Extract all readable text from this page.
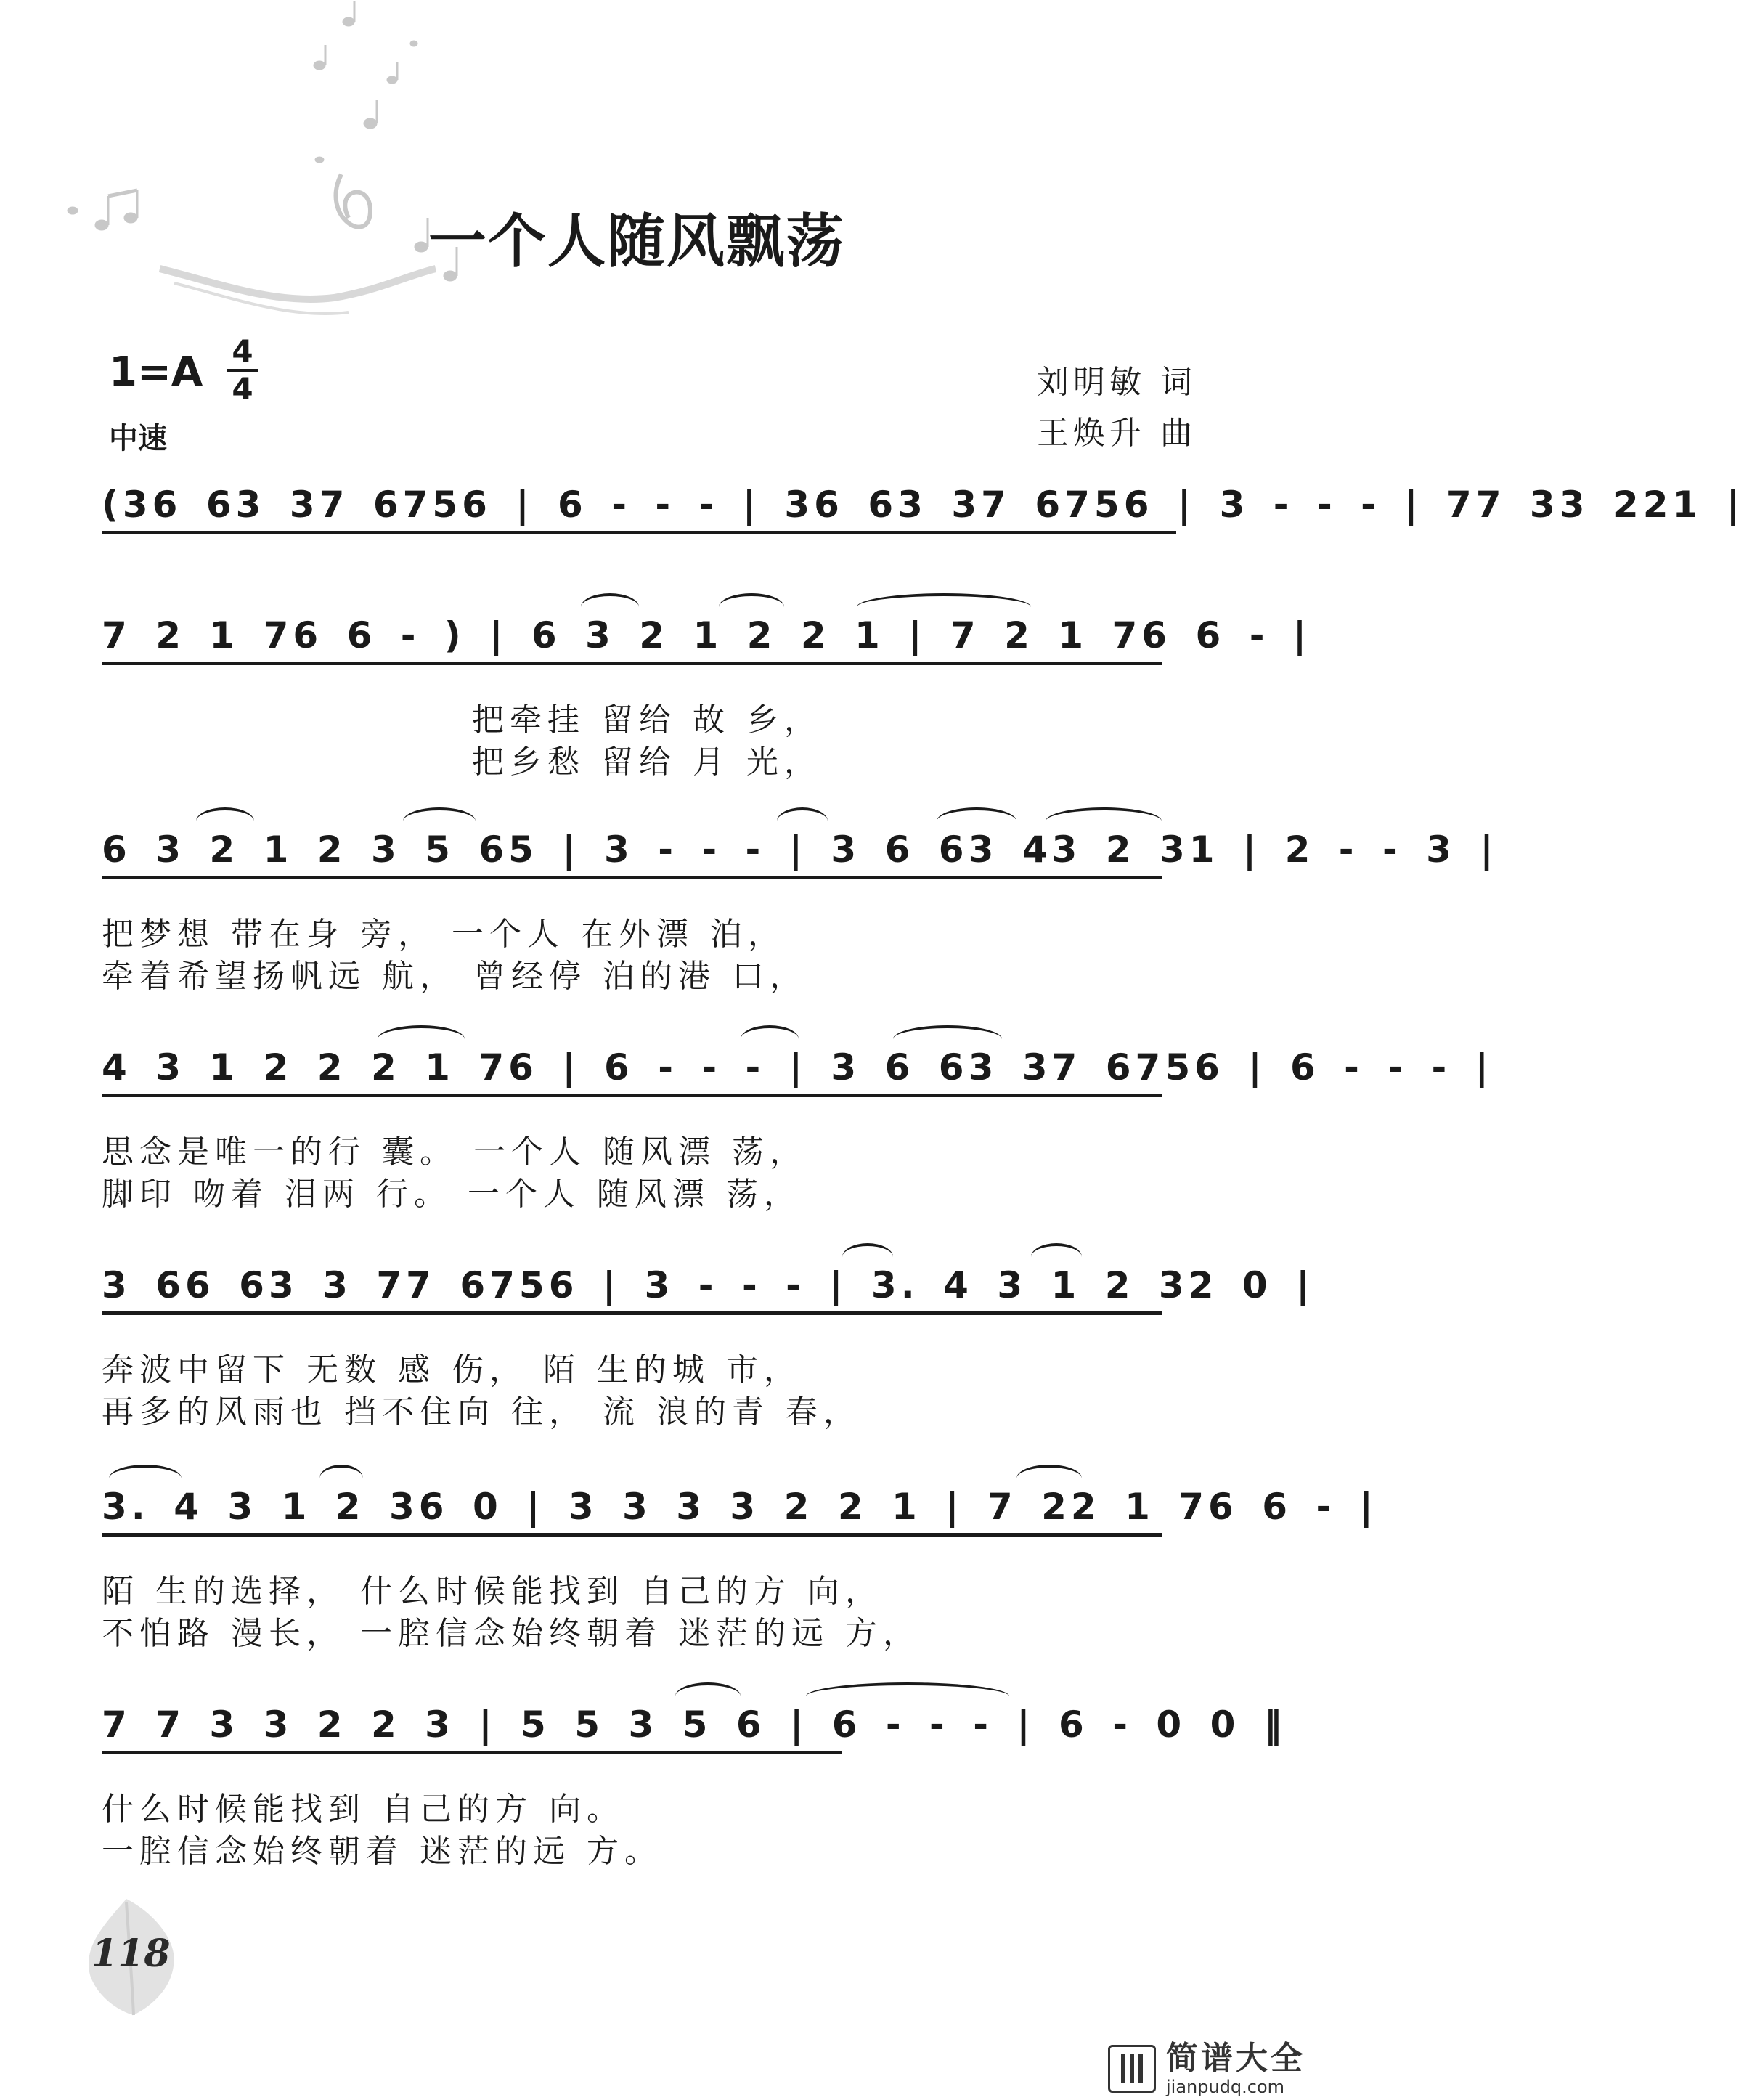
一个人随风飘荡
1=A 4
4
中速
刘明敏 词
王焕升 曲
(36 63 37 6756 | 6 - - - | 36 63 37 6756 | 3 - - - | 77 33 221 |
7 2 1 76 6 - ) | 6 3 2 1 2 2 1 | 7 2 1 76 6 - |
把牵挂 留给 故 乡，
把乡愁 留给 月 光，
6 3 2 1 2 3 5 65 | 3 - - - | 3 6 63 43 2 31 | 2 - - 3 |
把梦想 带在身 旁， 一个人 在外漂 泊，
牵着希望扬帆远 航， 曾经停 泊的港 口，
4 3 1 2 2 2 1 76 | 6 - - - | 3 6 63 37 6756 | 6 - - - |
思念是唯一的行 囊。 一个人 随风漂 荡，
脚印 吻着 泪两 行。 一个人 随风漂 荡，
3 66 63 3 77 6756 | 3 - - - | 3. 4 3 1 2 32 0 |
奔波中留下 无数 感 伤， 陌 生的城 市，
再多的风雨也 挡不住向 往， 流 浪的青 春，
3. 4 3 1 2 36 0 | 3 3 3 3 2 2 1 | 7 22 1 76 6 - |
陌 生的选择， 什么时候能找到 自己的方 向，
不怕路 漫长， 一腔信念始终朝着 迷茫的远 方，
7 7 3 3 2 2 3 | 5 5 3 5 6 | 6 - - - | 6 - 0 0 ‖
什么时候能找到 自己的方 向。
一腔信念始终朝着 迷茫的远 方。
118
简谱大全
jianpudq.com
